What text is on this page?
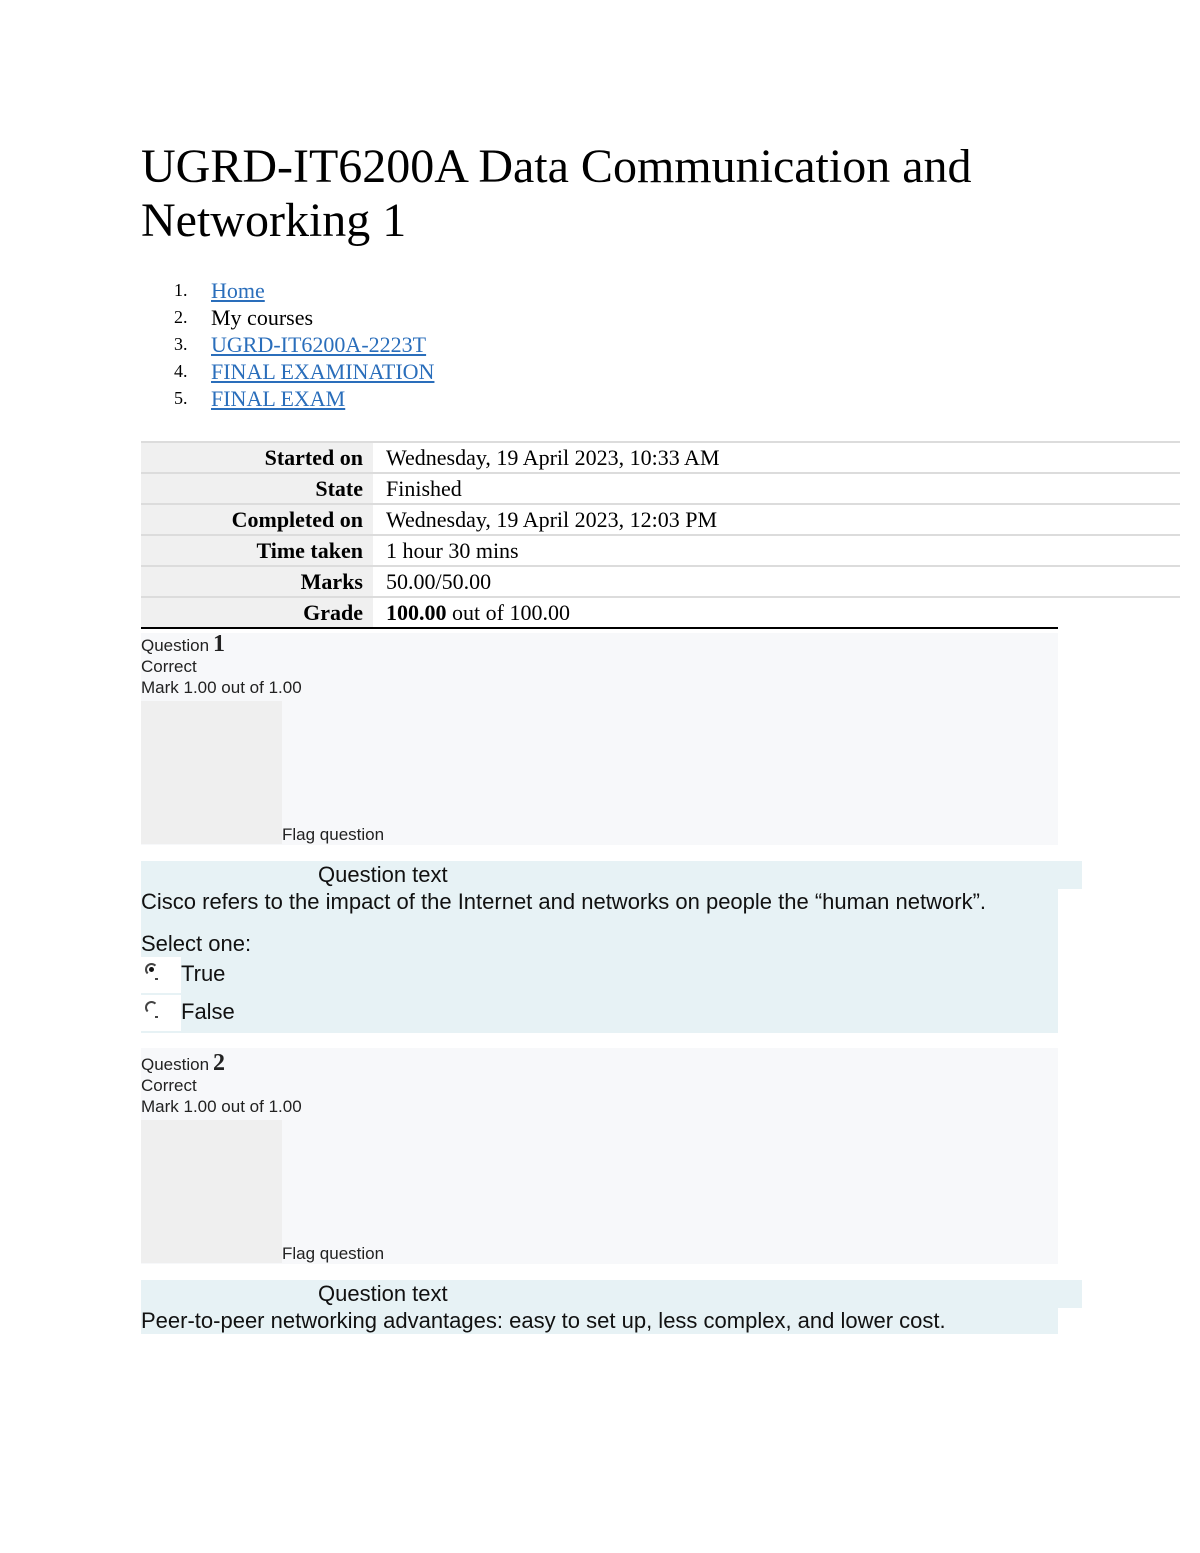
UGRD-IT6200A Data Communication and Networking 1
1. Home
2. My courses
3. UGRD-IT6200A-2223T
4. FINAL EXAMINATION
5. FINAL EXAM
Started on	Wednesday, 19 April 2023, 10:33 AM
State	Finished
Completed on	Wednesday, 19 April 2023, 12:03 PM
Time taken	1 hour 30 mins
Marks	50.00/50.00
Grade	100.00 out of 100.00
Question 1
Correct
Mark 1.00 out of 1.00
Flag question
Question text
Cisco refers to the impact of the Internet and networks on people the “human network”.
Select one:
True
False
Question 2
Correct
Mark 1.00 out of 1.00
Flag question
Question text
Peer-to-peer networking advantages: easy to set up, less complex, and lower cost.
